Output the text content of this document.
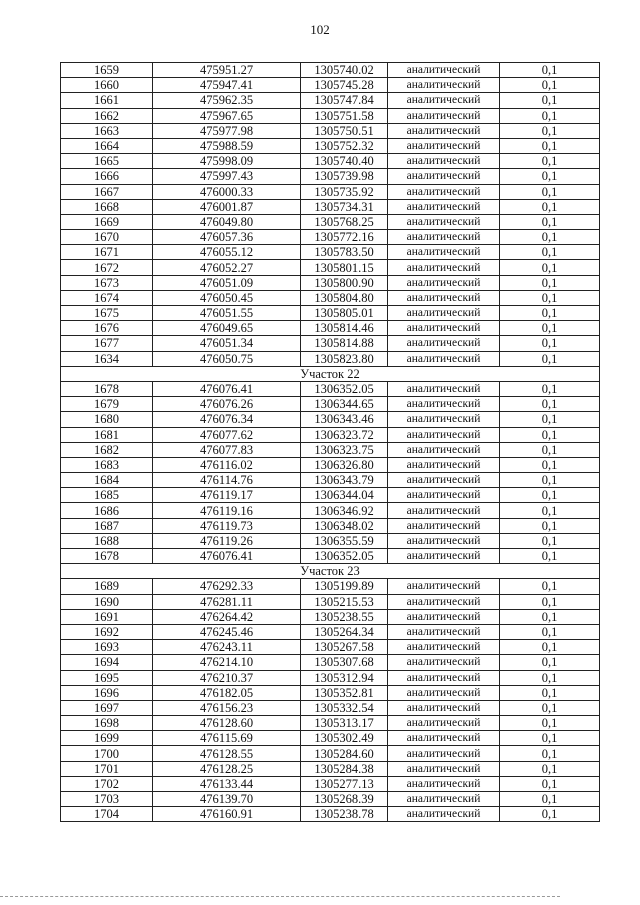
102
1659	475951.27	1305740.02	аналитический	0,1
1660	475947.41	1305745.28	аналитический	0,1
1661	475962.35	1305747.84	аналитический	0,1
1662	475967.65	1305751.58	аналитический	0,1
1663	475977.98	1305750.51	аналитический	0,1
1664	475988.59	1305752.32	аналитический	0,1
1665	475998.09	1305740.40	аналитический	0,1
1666	475997.43	1305739.98	аналитический	0,1
1667	476000.33	1305735.92	аналитический	0,1
1668	476001.87	1305734.31	аналитический	0,1
1669	476049.80	1305768.25	аналитический	0,1
1670	476057.36	1305772.16	аналитический	0,1
1671	476055.12	1305783.50	аналитический	0,1
1672	476052.27	1305801.15	аналитический	0,1
1673	476051.09	1305800.90	аналитический	0,1
1674	476050.45	1305804.80	аналитический	0,1
1675	476051.55	1305805.01	аналитический	0,1
1676	476049.65	1305814.46	аналитический	0,1
1677	476051.34	1305814.88	аналитический	0,1
1634	476050.75	1305823.80	аналитический	0,1
Участок 22				
1678	476076.41	1306352.05	аналитический	0,1
1679	476076.26	1306344.65	аналитический	0,1
1680	476076.34	1306343.46	аналитический	0,1
1681	476077.62	1306323.72	аналитический	0,1
1682	476077.83	1306323.75	аналитический	0,1
1683	476116.02	1306326.80	аналитический	0,1
1684	476114.76	1306343.79	аналитический	0,1
1685	476119.17	1306344.04	аналитический	0,1
1686	476119.16	1306346.92	аналитический	0,1
1687	476119.73	1306348.02	аналитический	0,1
1688	476119.26	1306355.59	аналитический	0,1
1678	476076.41	1306352.05	аналитический	0,1
Участок 23				
1689	476292.33	1305199.89	аналитический	0,1
1690	476281.11	1305215.53	аналитический	0,1
1691	476264.42	1305238.55	аналитический	0,1
1692	476245.46	1305264.34	аналитический	0,1
1693	476243.11	1305267.58	аналитический	0,1
1694	476214.10	1305307.68	аналитический	0,1
1695	476210.37	1305312.94	аналитический	0,1
1696	476182.05	1305352.81	аналитический	0,1
1697	476156.23	1305332.54	аналитический	0,1
1698	476128.60	1305313.17	аналитический	0,1
1699	476115.69	1305302.49	аналитический	0,1
1700	476128.55	1305284.60	аналитический	0,1
1701	476128.25	1305284.38	аналитический	0,1
1702	476133.44	1305277.13	аналитический	0,1
1703	476139.70	1305268.39	аналитический	0,1
1704	476160.91	1305238.78	аналитический	0,1
